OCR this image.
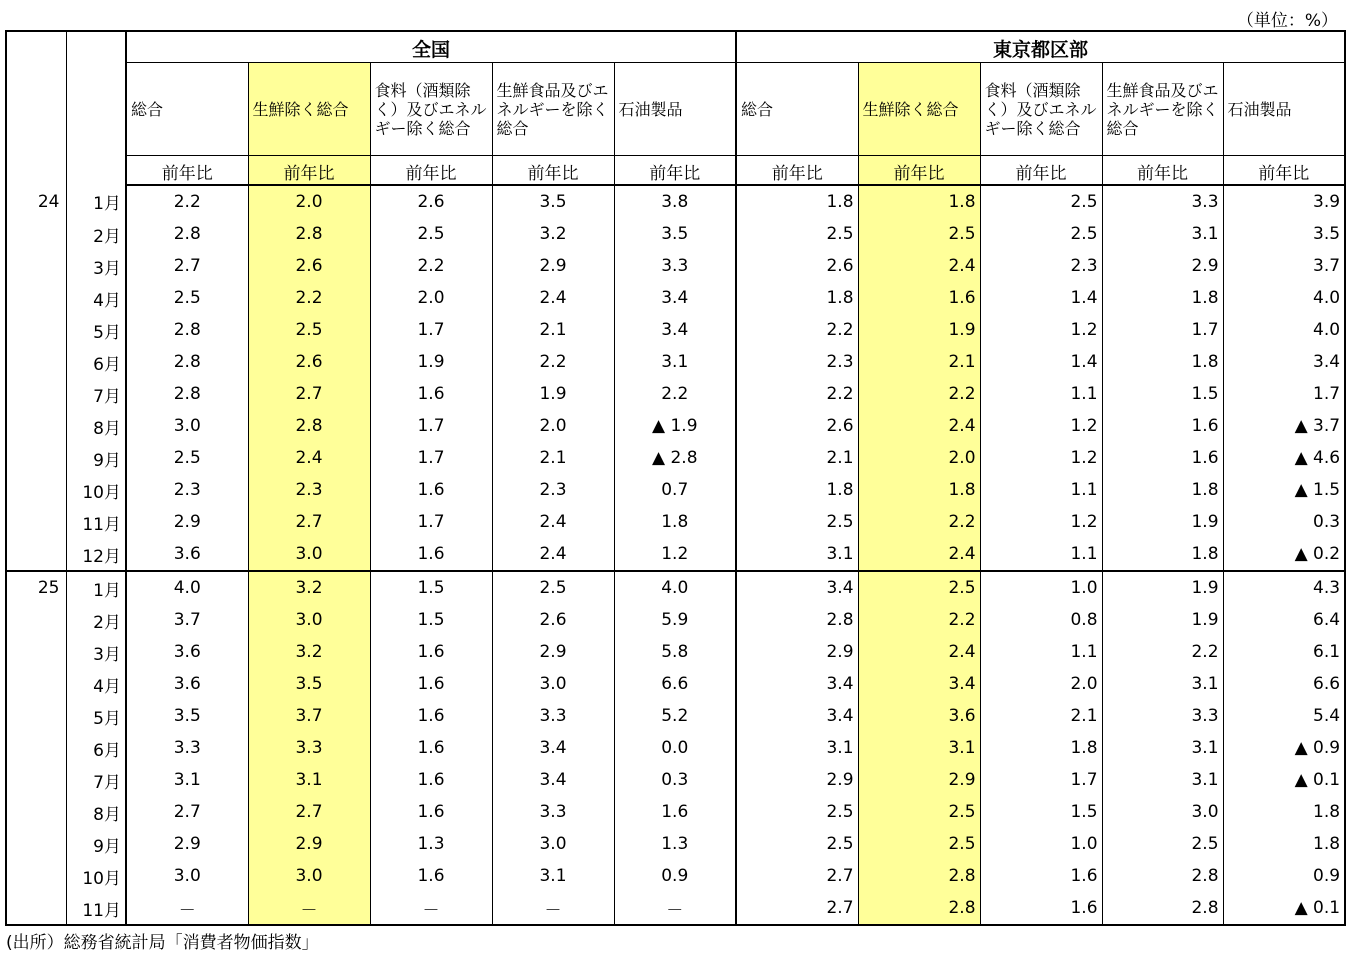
（単位：%）
		全国					東京都区部				
		総合	生鮮除く総合	食料（酒類除く）及びエネルギー除く総合	生鮮食品及びエネルギーを除く総合	石油製品	総合	生鮮除く総合	食料（酒類除く）及びエネルギー除く総合	生鮮食品及びエネルギーを除く総合	石油製品
		前年比	前年比	前年比	前年比	前年比	前年比	前年比	前年比	前年比	前年比
24	1月	2.2	2.0	2.6	3.5	3.8	1.8	1.8	2.5	3.3	3.9
	2月	2.8	2.8	2.5	3.2	3.5	2.5	2.5	2.5	3.1	3.5
	3月	2.7	2.6	2.2	2.9	3.3	2.6	2.4	2.3	2.9	3.7
	4月	2.5	2.2	2.0	2.4	3.4	1.8	1.6	1.4	1.8	4.0
	5月	2.8	2.5	1.7	2.1	3.4	2.2	1.9	1.2	1.7	4.0
	6月	2.8	2.6	1.9	2.2	3.1	2.3	2.1	1.4	1.8	3.4
	7月	2.8	2.7	1.6	1.9	2.2	2.2	2.2	1.1	1.5	1.7
	8月	3.0	2.8	1.7	2.0	▲ 1.9	2.6	2.4	1.2	1.6	▲ 3.7
	9月	2.5	2.4	1.7	2.1	▲ 2.8	2.1	2.0	1.2	1.6	▲ 4.6
	10月	2.3	2.3	1.6	2.3	0.7	1.8	1.8	1.1	1.8	▲ 1.5
	11月	2.9	2.7	1.7	2.4	1.8	2.5	2.2	1.2	1.9	0.3
	12月	3.6	3.0	1.6	2.4	1.2	3.1	2.4	1.1	1.8	▲ 0.2
25	1月	4.0	3.2	1.5	2.5	4.0	3.4	2.5	1.0	1.9	4.3
	2月	3.7	3.0	1.5	2.6	5.9	2.8	2.2	0.8	1.9	6.4
	3月	3.6	3.2	1.6	2.9	5.8	2.9	2.4	1.1	2.2	6.1
	4月	3.6	3.5	1.6	3.0	6.6	3.4	3.4	2.0	3.1	6.6
	5月	3.5	3.7	1.6	3.3	5.2	3.4	3.6	2.1	3.3	5.4
	6月	3.3	3.3	1.6	3.4	0.0	3.1	3.1	1.8	3.1	▲ 0.9
	7月	3.1	3.1	1.6	3.4	0.3	2.9	2.9	1.7	3.1	▲ 0.1
	8月	2.7	2.7	1.6	3.3	1.6	2.5	2.5	1.5	3.0	1.8
	9月	2.9	2.9	1.3	3.0	1.3	2.5	2.5	1.0	2.5	1.8
	10月	3.0	3.0	1.6	3.1	0.9	2.7	2.8	1.6	2.8	0.9
	11月	－	－	－	－	－	2.7	2.8	1.6	2.8	▲ 0.1
(出所）総務省統計局「消費者物価指数」
